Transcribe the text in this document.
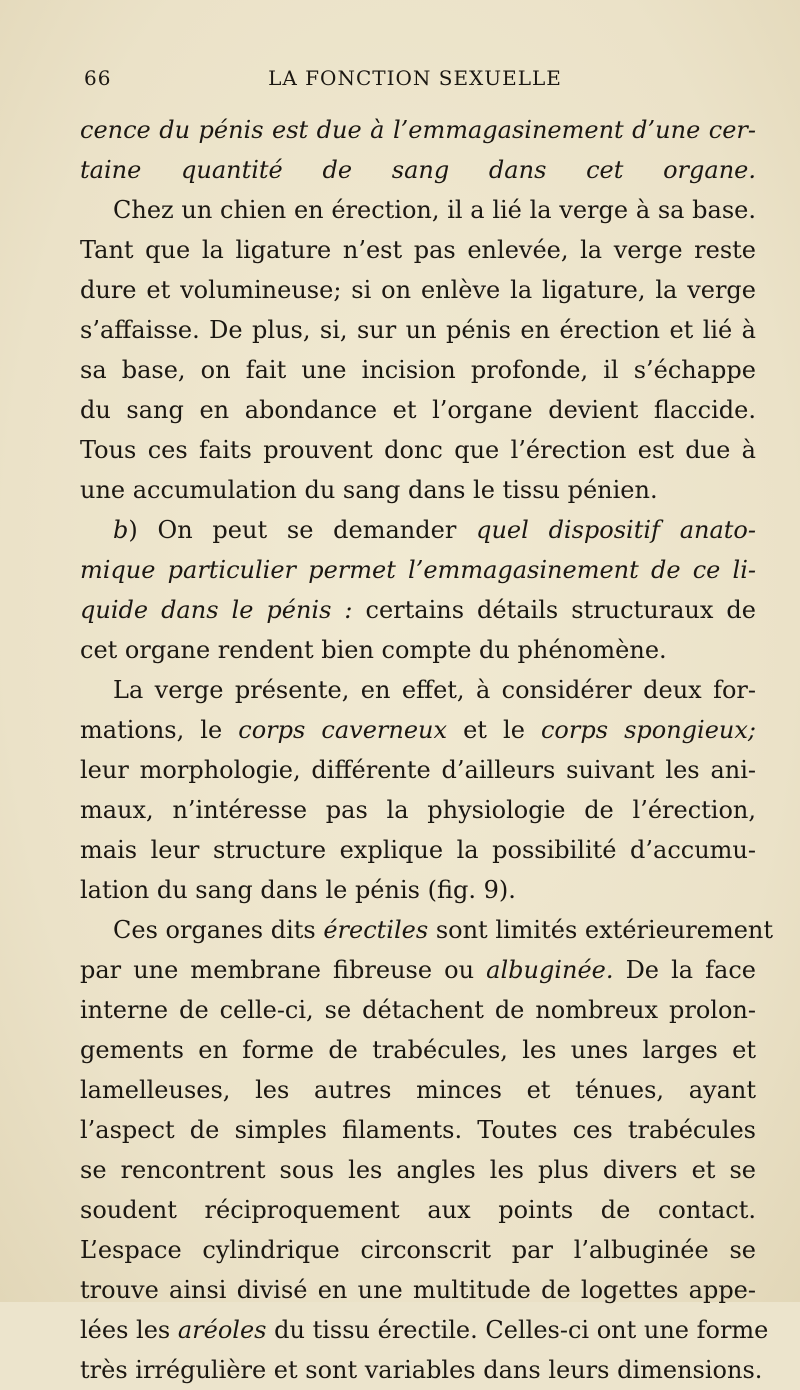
66	LA FONCTION SEXUELLE
cence du pénis est due à l’emmagasinement d’une cer-
taine quantité de sang dans cet organe.
Chez un chien en érection, il a lié la verge à sa base.
Tant que la ligature n’est pas enlevée, la verge reste
dure et volumineuse; si on enlève la ligature, la verge
s’affaisse. De plus, si, sur un pénis en érection et lié à
sa base, on fait une incision profonde, il s’échappe
du sang en abondance et l’organe devient flaccide.
Tous ces faits prouvent donc que l’érection est due à
une accumulation du sang dans le tissu pénien.
b) On peut se demander quel dispositif anato-
mique particulier permet l’emmagasinement de ce li-
quide dans le pénis : certains détails structuraux de
cet organe rendent bien compte du phénomène.
La verge présente, en effet, à considérer deux for-
mations, le corps caverneux et le corps spongieux;
leur morphologie, différente d’ailleurs suivant les ani-
maux, n’intéresse pas la physiologie de l’érection,
mais leur structure explique la possibilité d’accumu-
lation du sang dans le pénis (fig. 9).
Ces organes dits érectiles sont limités extérieurement
par une membrane fibreuse ou albuginée. De la face
interne de celle-ci, se détachent de nombreux prolon-
gements en forme de trabécules, les unes larges et
lamelleuses, les autres minces et ténues, ayant
l’aspect de simples filaments. Toutes ces trabécules
se rencontrent sous les angles les plus divers et se
soudent réciproquement aux points de contact.
L’espace cylindrique circonscrit par l’albuginée se
trouve ainsi divisé en une multitude de logettes appe-
lées les aréoles du tissu érectile. Celles-ci ont une forme
très irrégulière et sont variables dans leurs dimensions.
